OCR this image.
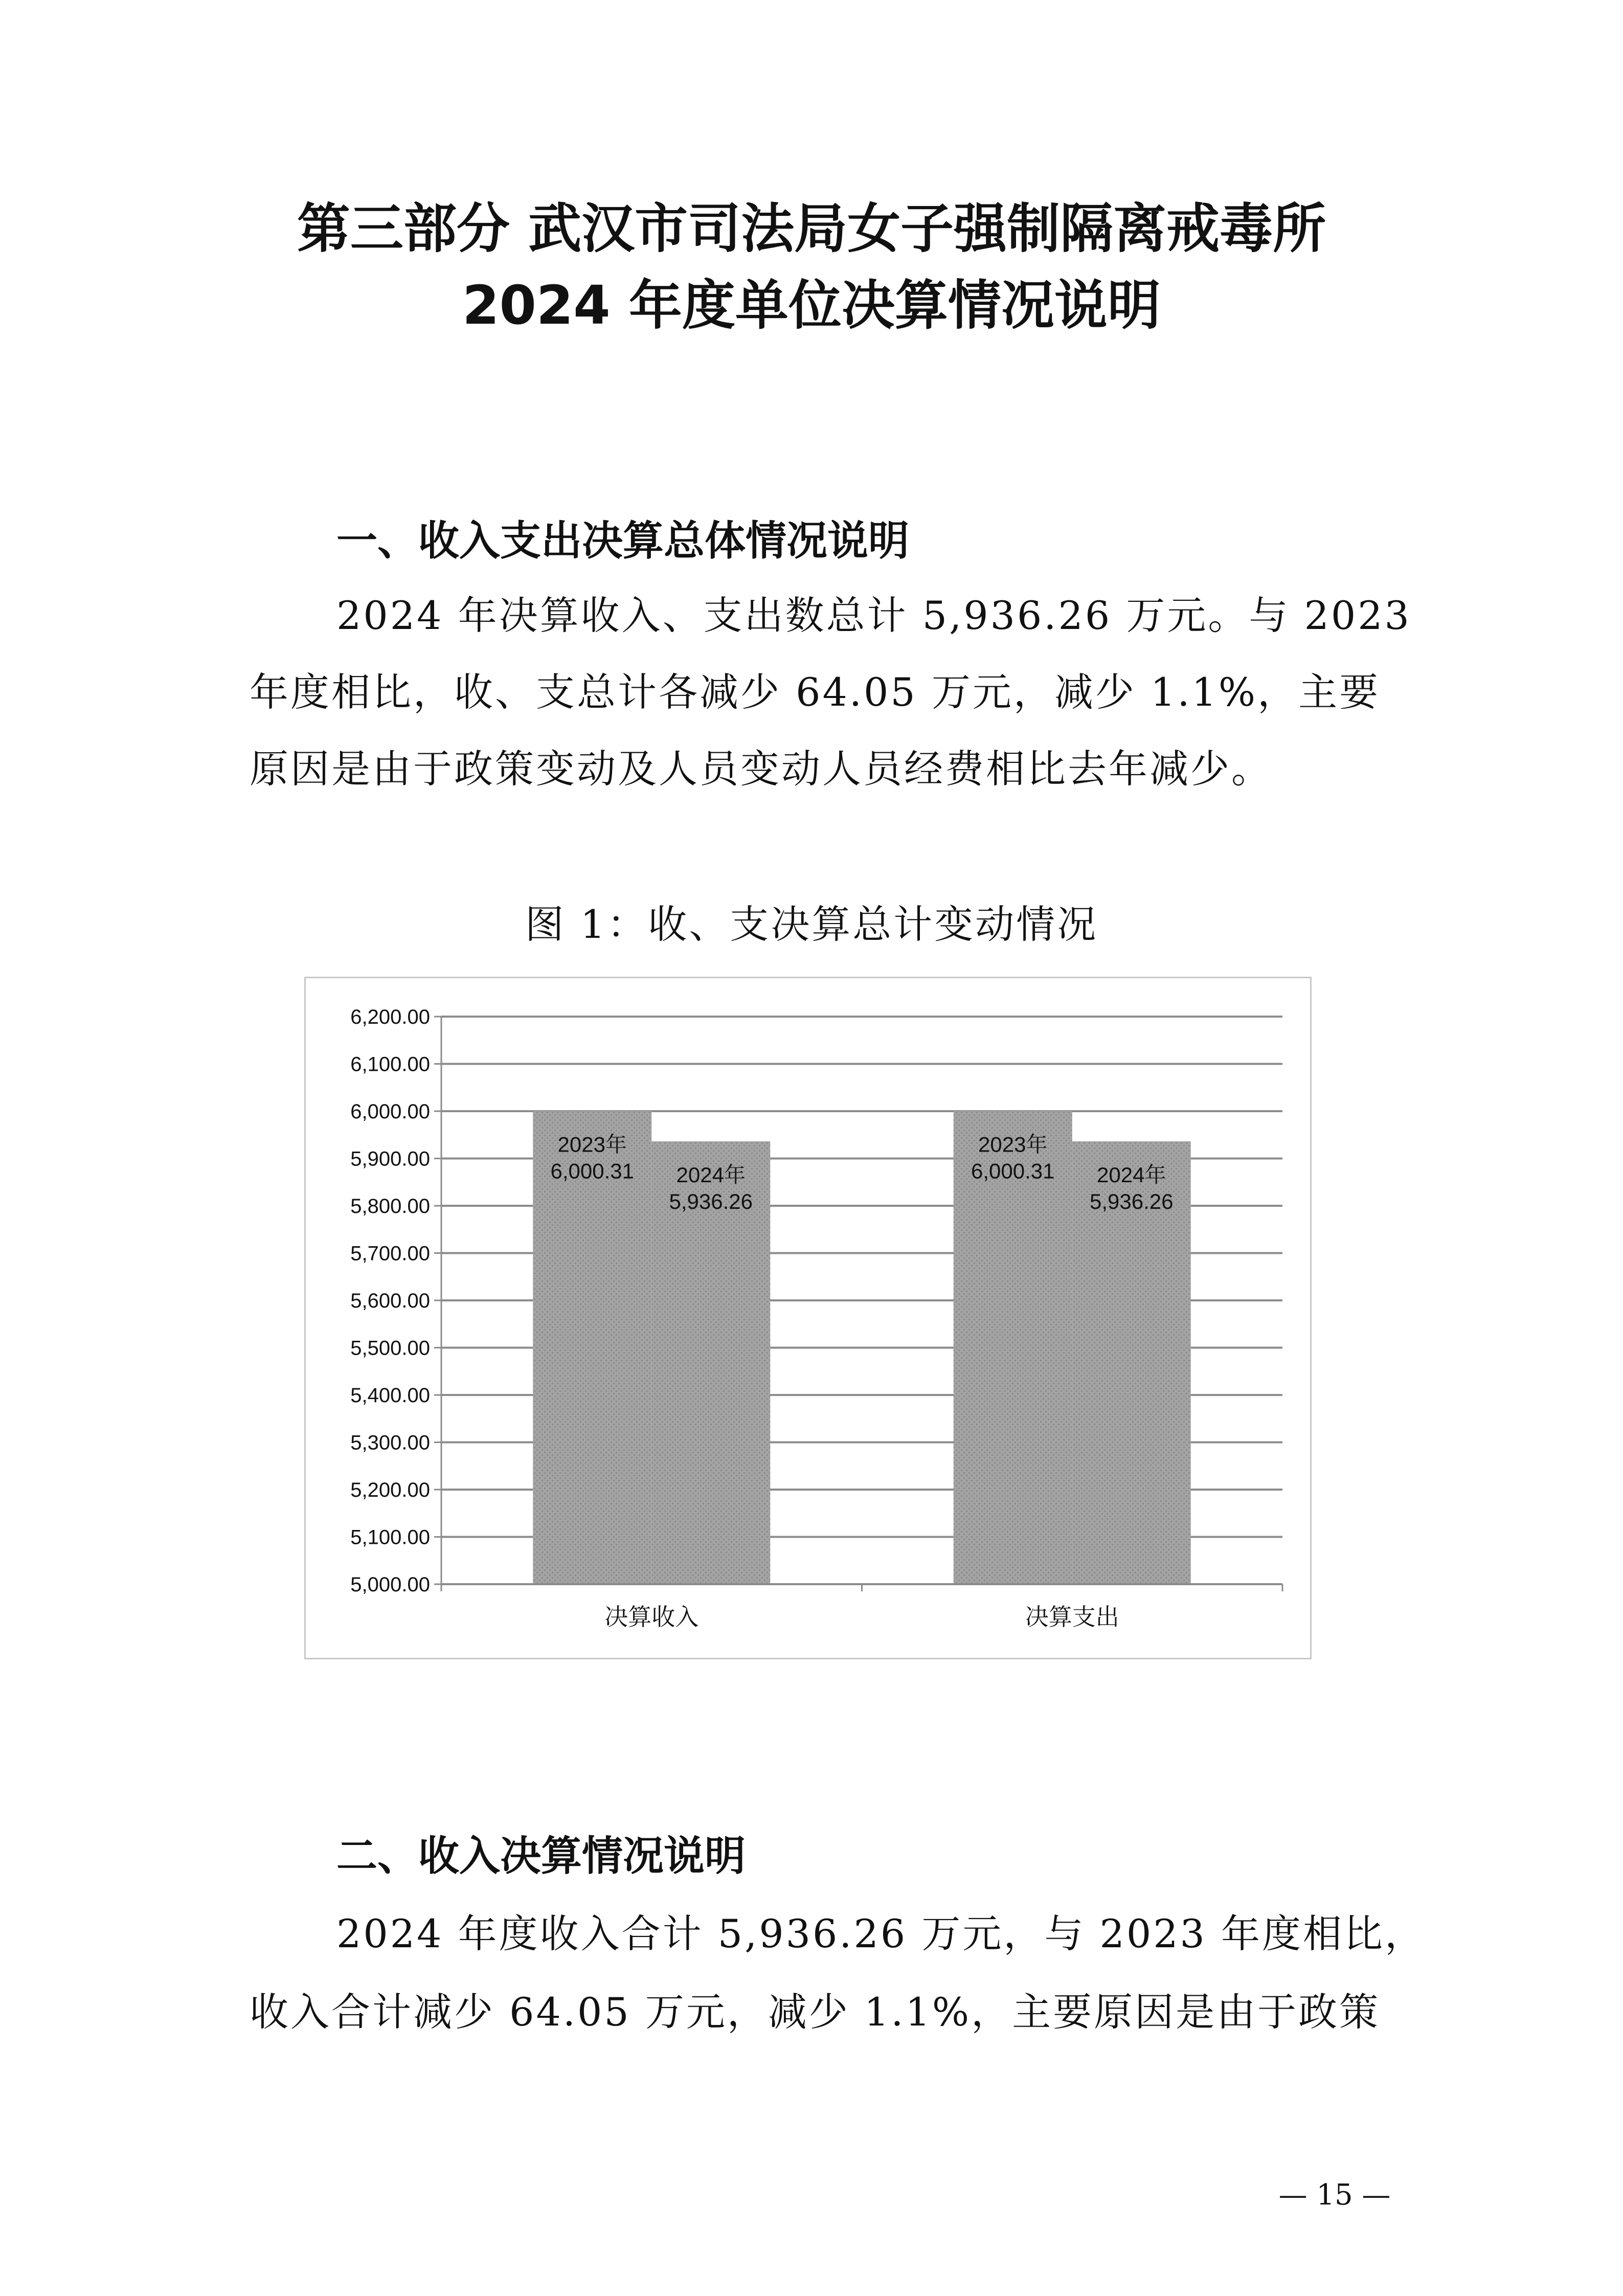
第三部分 武汉市司法局女子强制隔离戒毒所
2024 年度单位决算情况说明
一、收入支出决算总体情况说明
2024 年决算收入、支出数总计 5,936.26 万元。与 2023
年度相比，收、支总计各减少 64.05 万元，减少 1.1%，主要
原因是由于政策变动及人员变动人员经费相比去年减少。
图 1：收、支决算总计变动情况
5,000.00
5,100.00
5,200.00
5,300.00
5,400.00
5,500.00
5,600.00
5,700.00
5,800.00
5,900.00
6,000.00
6,100.00
6,200.00
2023年
6,000.31 2024年
5,936.26
决算收入
2023年
6,000.31 2024年
5,936.26
决算支出
二、收入决算情况说明
2024 年度收入合计 5,936.26 万元，与 2023 年度相比，
收入合计减少 64.05 万元，减少 1.1%，主要原因是由于政策
— 15 —
